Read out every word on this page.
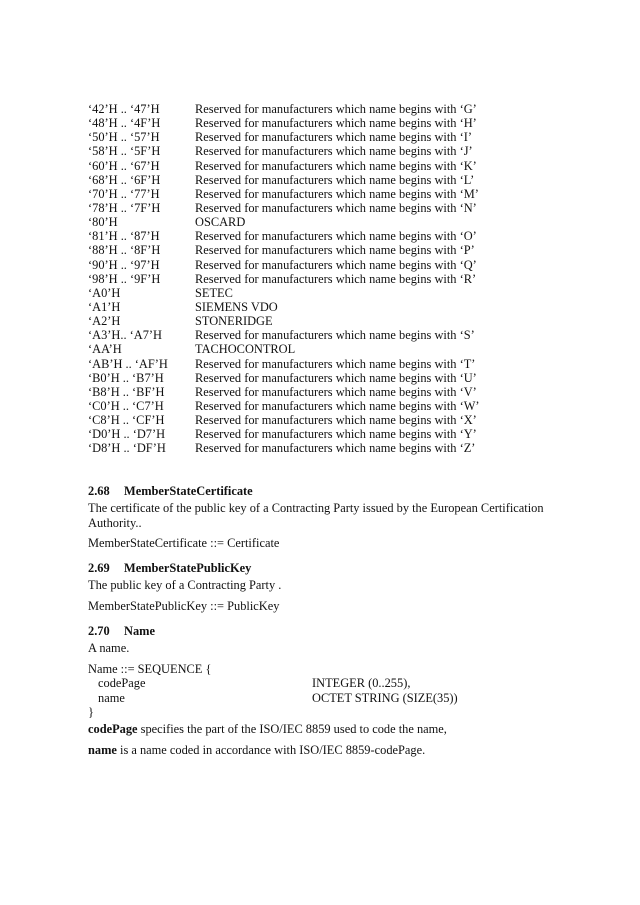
‘42’H .. ‘47’H	Reserved for manufacturers which name begins with ‘G’
‘48’H .. ‘4F’H	Reserved for manufacturers which name begins with ‘H’
‘50’H .. ‘57’H	Reserved for manufacturers which name begins with ‘I’
‘58’H .. ‘5F’H	Reserved for manufacturers which name begins with ‘J’
‘60’H .. ‘67’H	Reserved for manufacturers which name begins with ‘K’
‘68’H .. ‘6F’H	Reserved for manufacturers which name begins with ‘L’
‘70’H .. ‘77’H	Reserved for manufacturers which name begins with ‘M’
‘78’H .. ‘7F’H	Reserved for manufacturers which name begins with ‘N’
‘80’H	OSCARD
‘81’H .. ‘87’H	Reserved for manufacturers which name begins with ‘O’
‘88’H .. ‘8F’H	Reserved for manufacturers which name begins with ‘P’
‘90’H .. ‘97’H	Reserved for manufacturers which name begins with ‘Q’
‘98’H .. ‘9F’H	Reserved for manufacturers which name begins with ‘R’
‘A0’H	SETEC
‘A1’H	SIEMENS VDO
‘A2’H	STONERIDGE
‘A3’H.. ‘A7’H	Reserved for manufacturers which name begins with ‘S’
‘AA’H	TACHOCONTROL
‘AB’H .. ‘AF’H	Reserved for manufacturers which name begins with ‘T’
‘B0’H .. ‘B7’H	Reserved for manufacturers which name begins with ‘U’
‘B8’H .. ‘BF’H	Reserved for manufacturers which name begins with ‘V’
‘C0’H .. ‘C7’H	Reserved for manufacturers which name begins with ‘W’
‘C8’H .. ‘CF’H	Reserved for manufacturers which name begins with ‘X’
‘D0’H .. ‘D7’H	Reserved for manufacturers which name begins with ‘Y’
‘D8’H .. ‘DF’H	Reserved for manufacturers which name begins with ‘Z’
2.68 MemberStateCertificate
The certificate of the public key of a Contracting Party issued by the European Certification Authority..
MemberStateCertificate ::= Certificate
2.69 MemberStatePublicKey
The public key of a Contracting Party .
MemberStatePublicKey ::= PublicKey
2.70 Name
A name.
Name ::= SEQUENCE {
codePage	INTEGER (0..255),
name	OCTET STRING (SIZE(35))
}
codePage specifies the part of the ISO/IEC 8859 used to code the name,
name is a name coded in accordance with ISO/IEC 8859-codePage.
